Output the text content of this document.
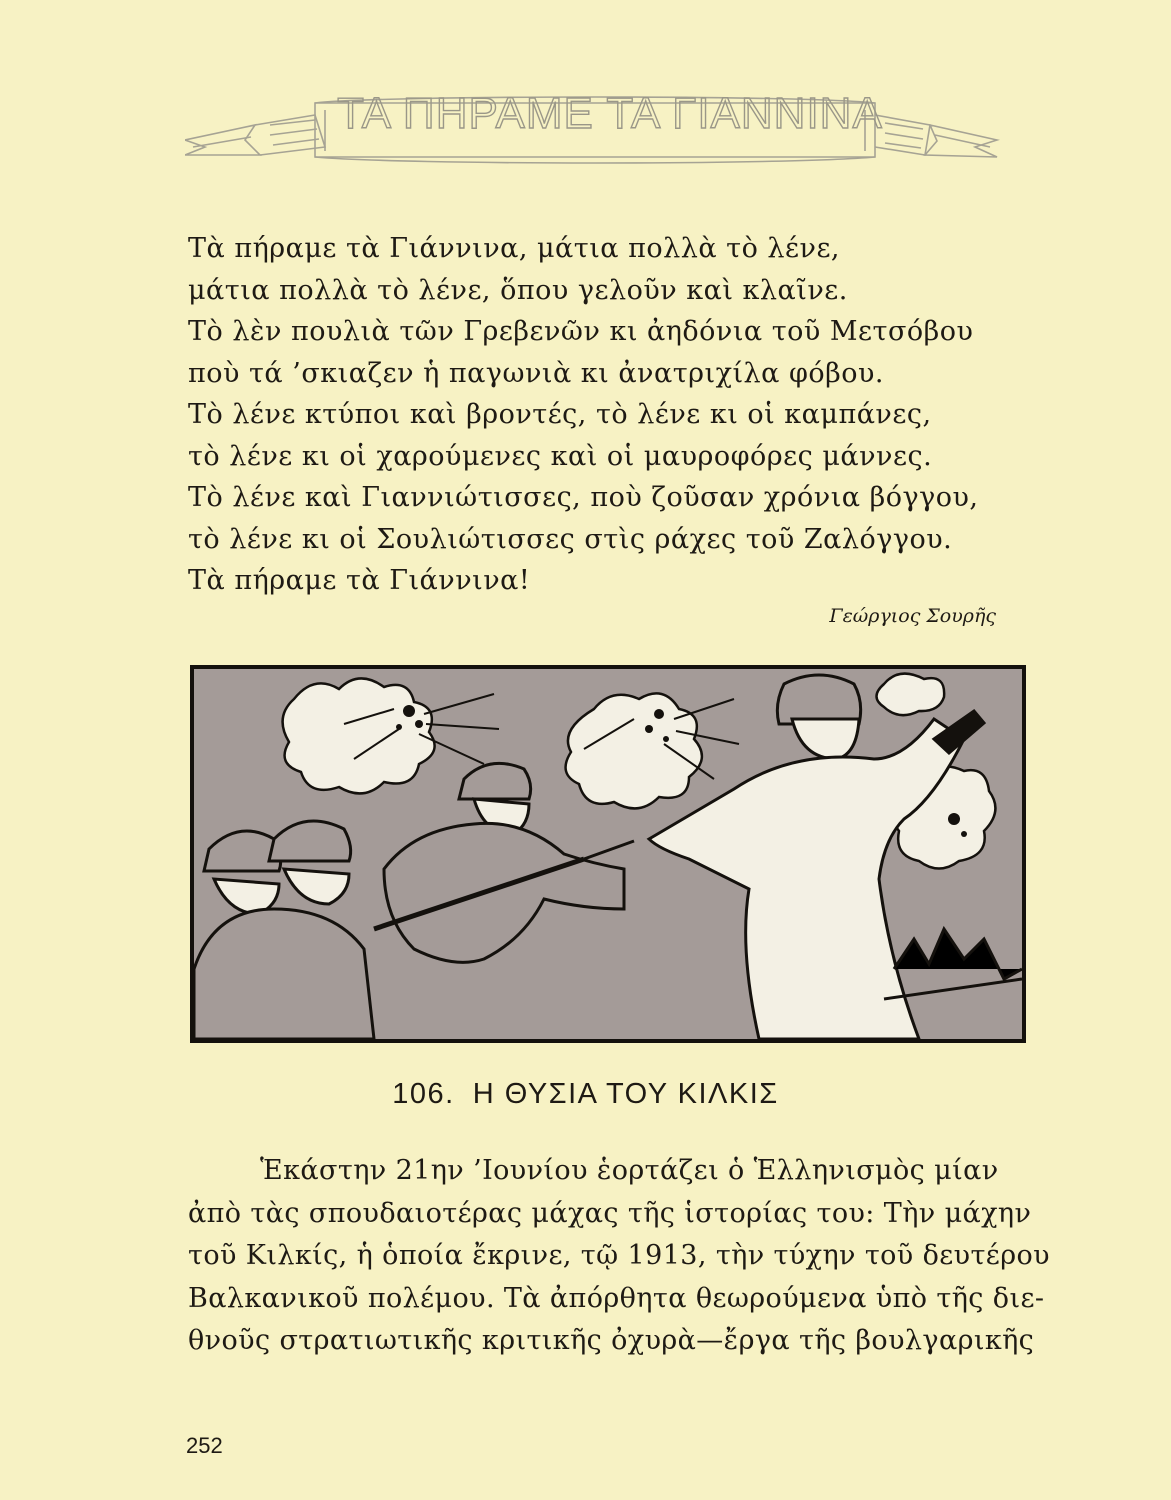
ΤΑ ΠΗΡΑΜΕ ΤΑ ΓΙΑΝΝΙΝΑ
Τὰ πήραμε τὰ Γιάννινα, μάτια πολλὰ τὸ λένε,
μάτια πολλὰ τὸ λένε, ὅπου γελοῦν καὶ κλαῖνε.
Τὸ λὲν πουλιὰ τῶν Γρεβενῶν κι ἀηδόνια τοῦ Μετσόβου
ποὺ τά ’σκιαζεν ἡ παγωνιὰ κι ἀνατριχίλα φόβου.
Τὸ λένε κτύποι καὶ βροντές, τὸ λένε κι οἱ καμπάνες,
τὸ λένε κι οἱ χαρούμενες καὶ οἱ μαυροφόρες μάννες.
Τὸ λένε καὶ Γιαννιώτισσες, ποὺ ζοῦσαν χρόνια βόγγου,
τὸ λένε κι οἱ Σουλιώτισσες στὶς ράχες τοῦ Ζαλόγγου.
Τὰ πήραμε τὰ Γιάννινα!
Γεώργιος Σουρῆς
106. Η ΘΥΣΙΑ ΤΟΥ ΚΙΛΚΙΣ
Ἑκάστην 21ην ’Ιουνίου ἑορτάζει ὁ Ἑλληνισμὸς μίαν
ἀπὸ τὰς σπουδαιοτέρας μάχας τῆς ἱστορίας του: Τὴν μάχην
τοῦ Κιλκίς, ἡ ὁποία ἔκρινε, τῷ 1913, τὴν τύχην τοῦ δευτέρου
Βαλκανικοῦ πολέμου. Τὰ ἀπόρθητα θεωρούμενα ὑπὸ τῆς διε-
θνοῦς στρατιωτικῆς κριτικῆς ὀχυρὰ—ἔργα τῆς βουλγαρικῆς
252
